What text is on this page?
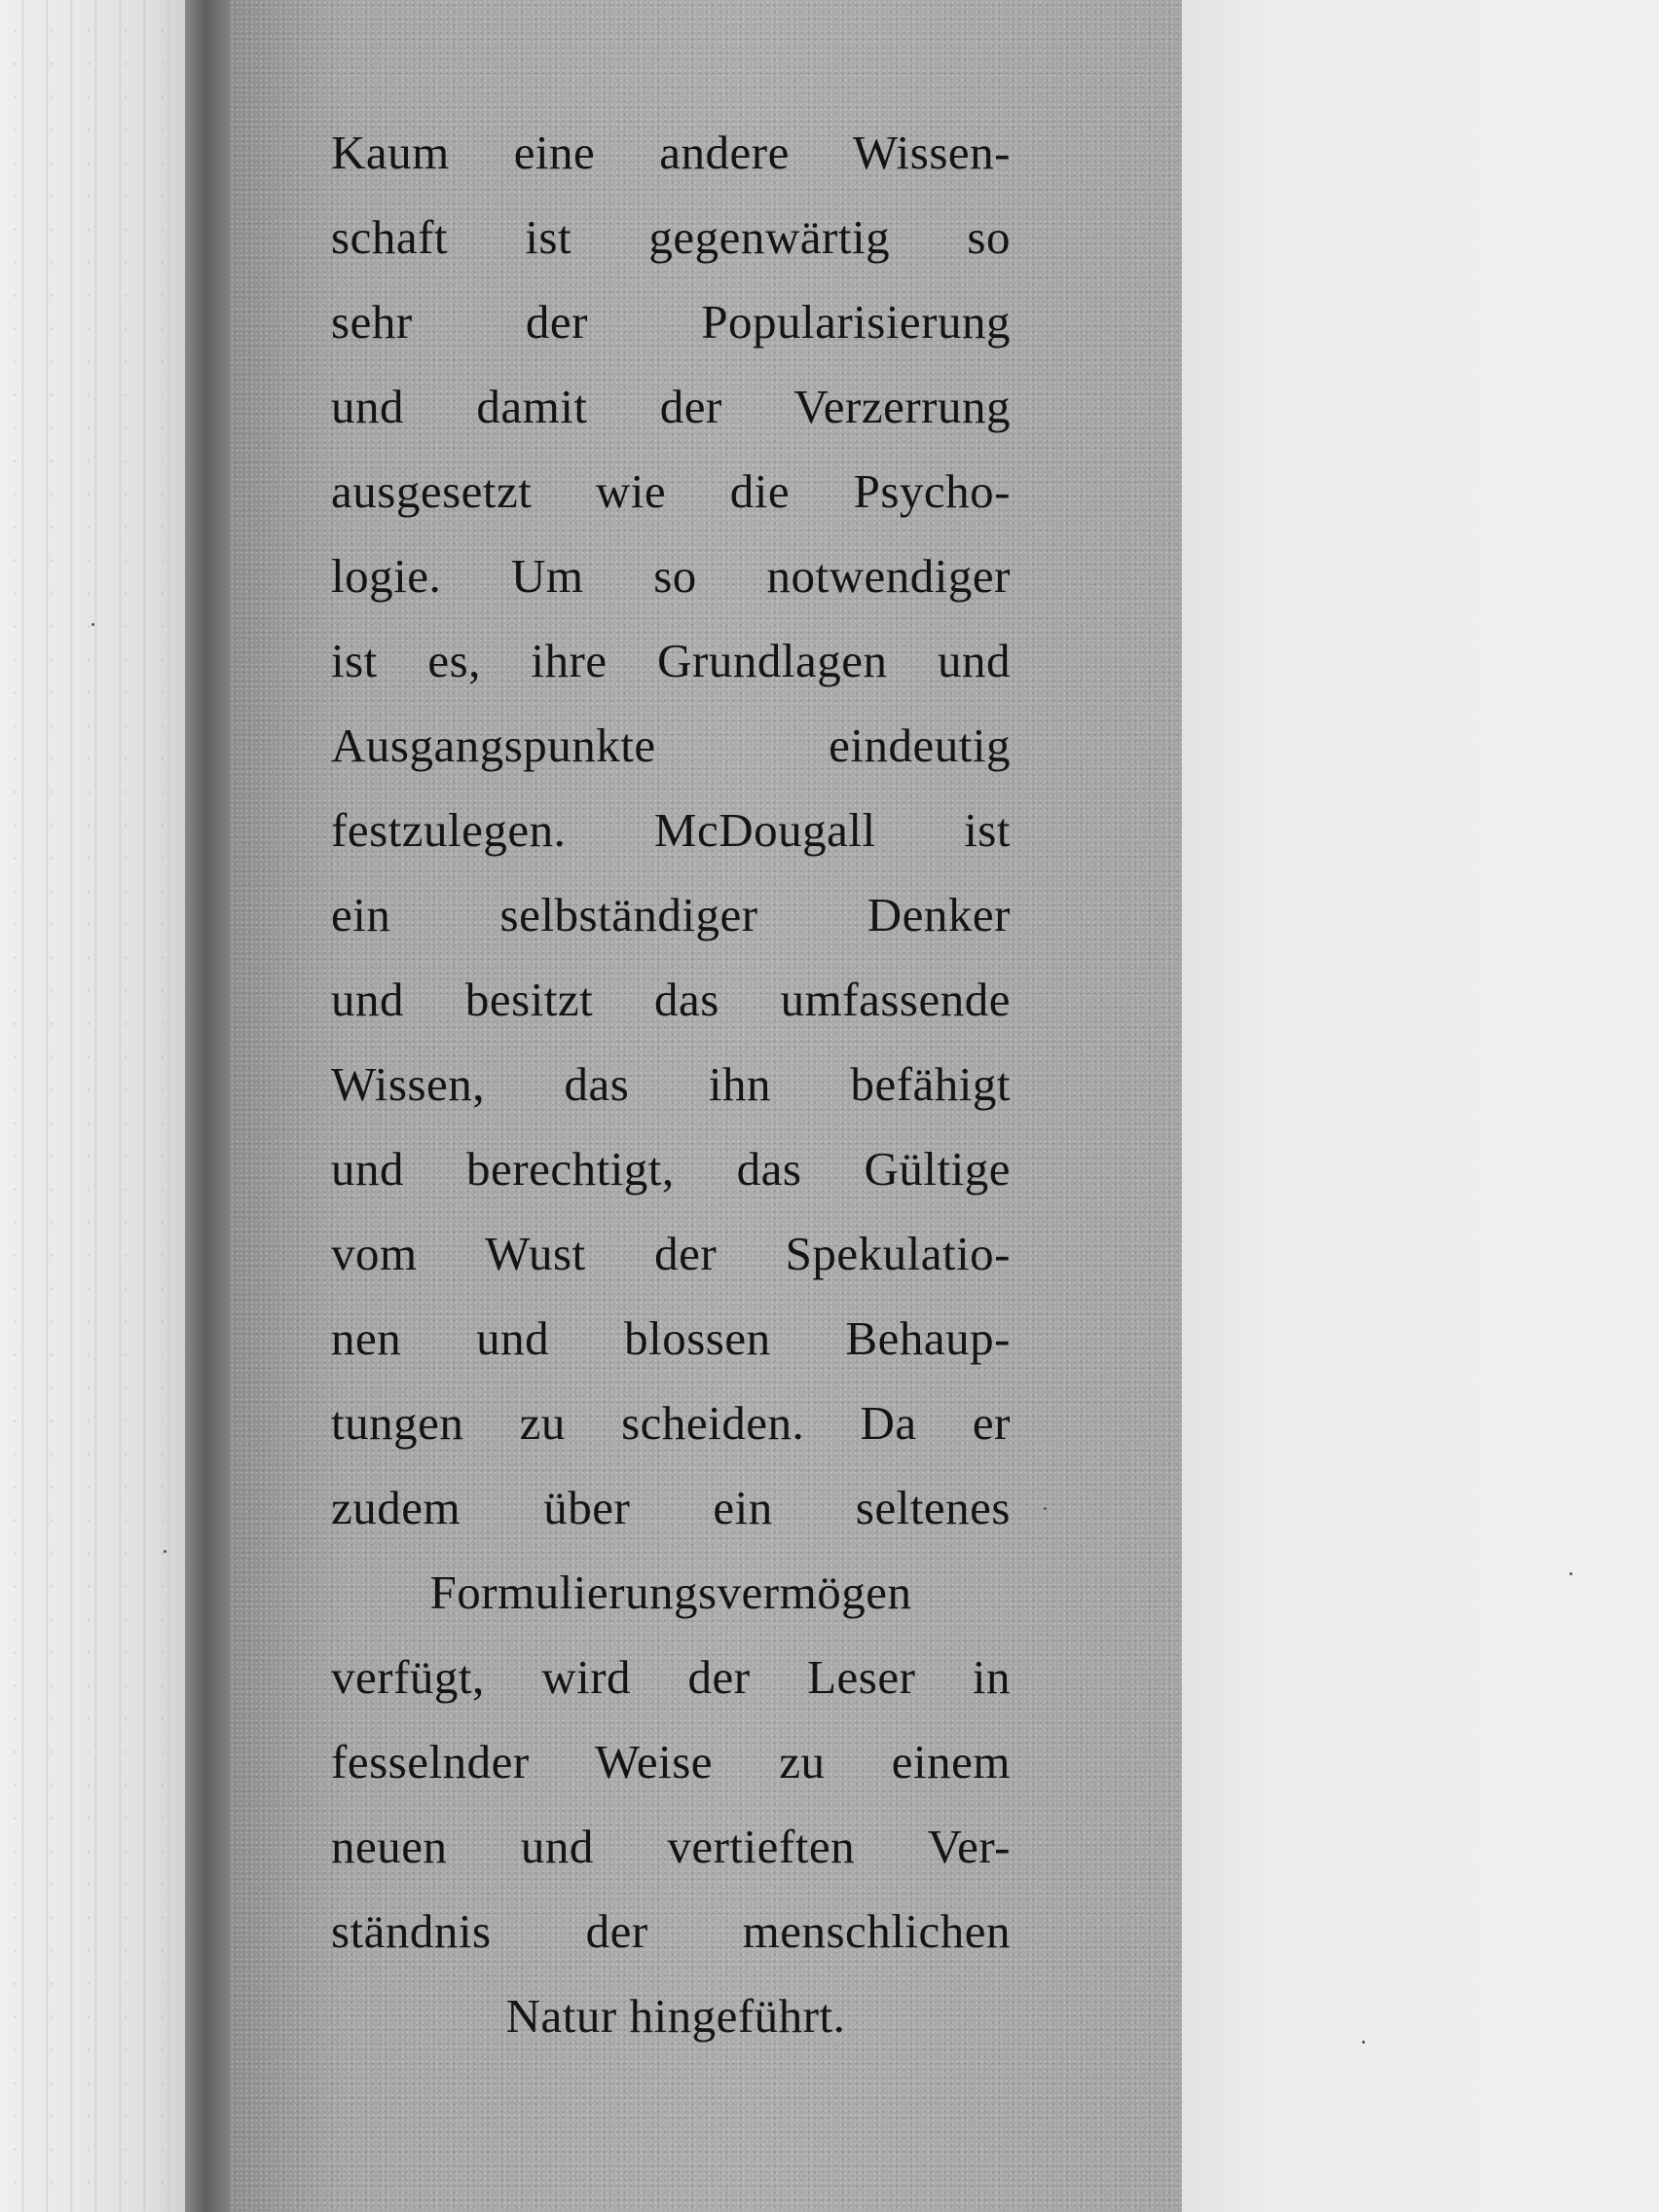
Kaum eine andere Wissen-
schaft ist gegenwärtig so
sehr der Popularisierung
und damit der Verzerrung
ausgesetzt wie die Psycho-
logie. Um so notwendiger
ist es, ihre Grundlagen und
Ausgangspunkte eindeutig
festzulegen. McDougall ist
ein selbständiger Denker
und besitzt das umfassende
Wissen, das ihn befähigt
und berechtigt, das Gültige
vom Wust der Spekulatio-
nen und blossen Behaup-
tungen zu scheiden. Da er
zudem über ein seltenes
Formulierungsvermögen
verfügt, wird der Leser in
fesselnder Weise zu einem
neuen und vertieften Ver-
ständnis der menschlichen
Natur hingeführt.
